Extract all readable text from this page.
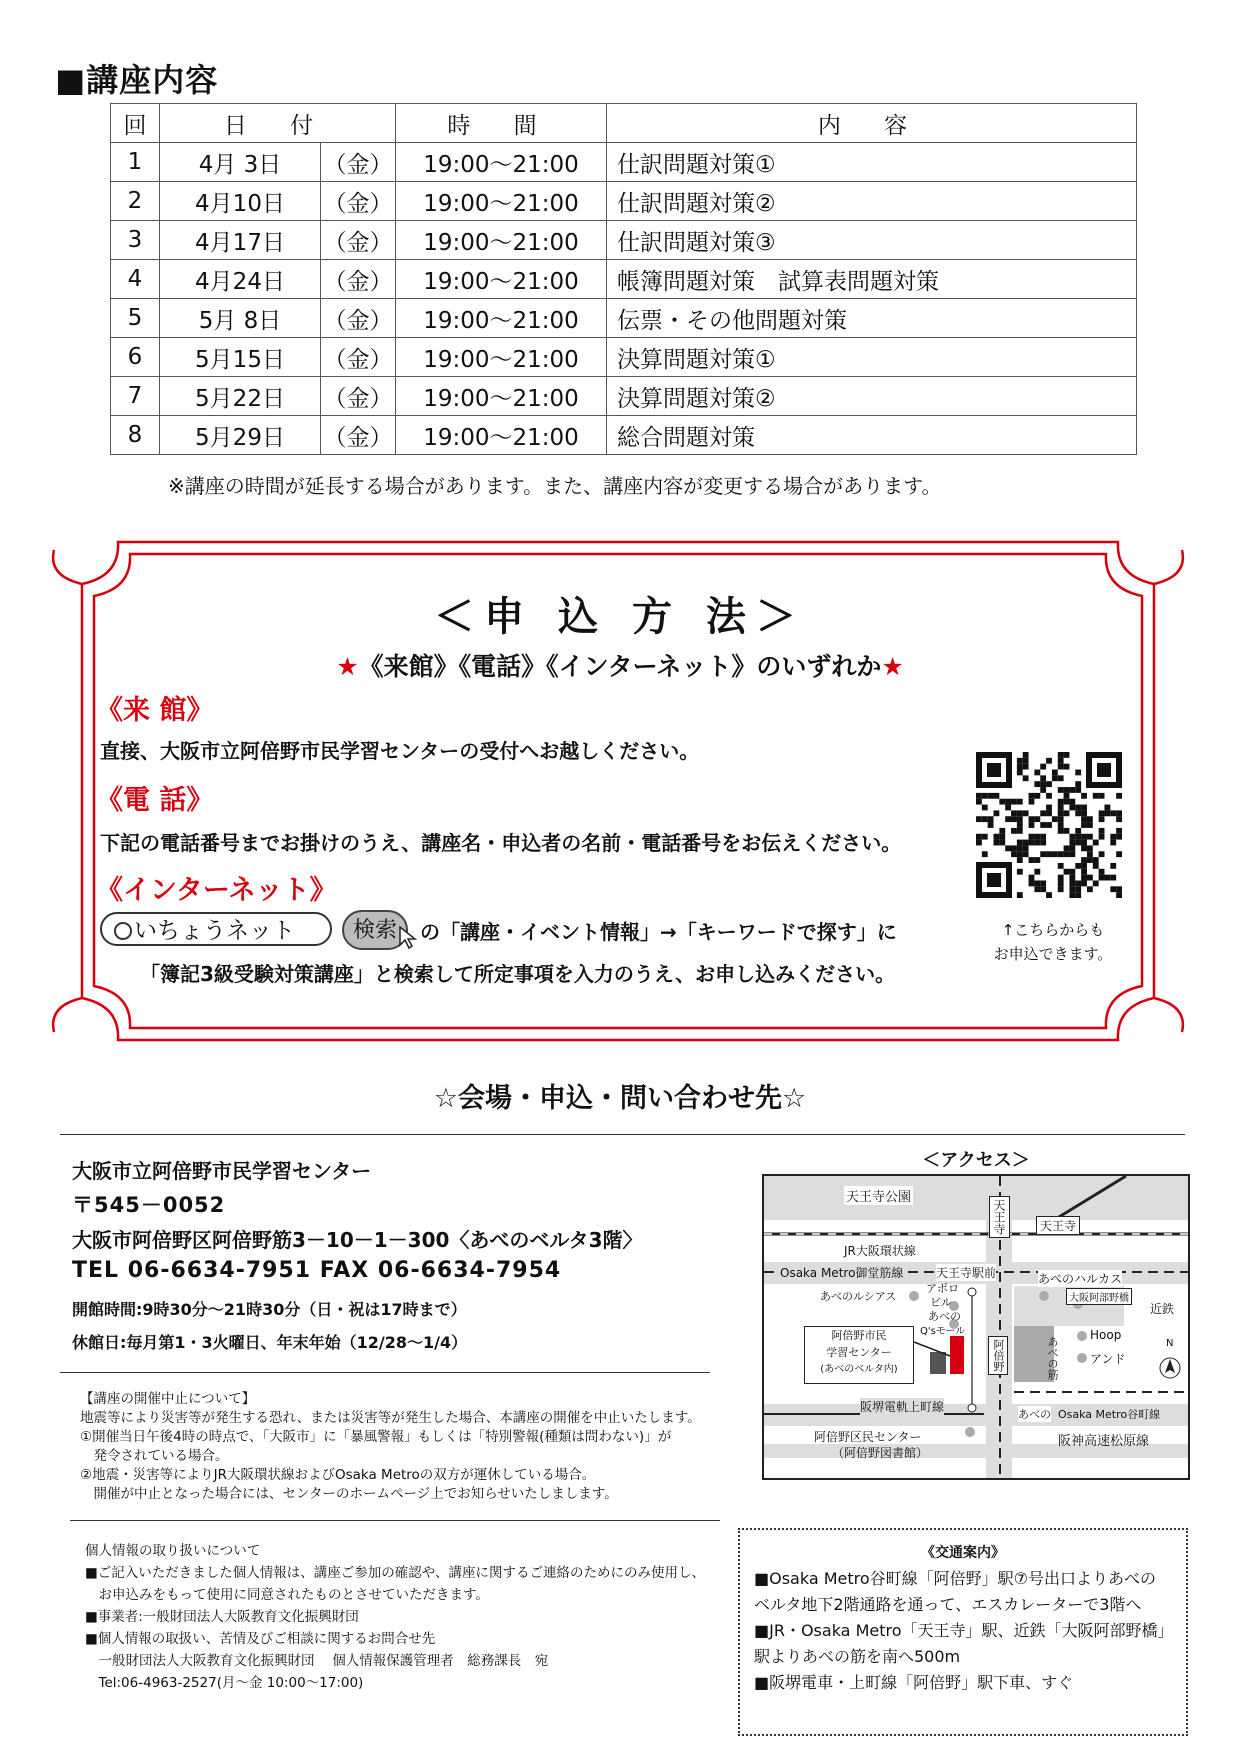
■講座内容
回	日 付		時 間	内 容
1	4月 3日	（金）	19:00～21:00	仕訳問題対策①
2	4月10日	（金）	19:00～21:00	仕訳問題対策②
3	4月17日	（金）	19:00～21:00	仕訳問題対策③
4	4月24日	（金）	19:00～21:00	帳簿問題対策　試算表問題対策
5	5月 8日	（金）	19:00～21:00	伝票・その他問題対策
6	5月15日	（金）	19:00～21:00	決算問題対策①
7	5月22日	（金）	19:00～21:00	決算問題対策②
8	5月29日	（金）	19:00～21:00	総合問題対策
※講座の時間が延長する場合があります。また、講座内容が変更する場合があります。
＜申 込 方 法＞
★《来館》《電話》《インターネット》のいずれか★
《来 館》
直接、大阪市立阿倍野市民学習センターの受付へお越しください。
《電 話》
下記の電話番号までお掛けのうえ、講座名・申込者の名前・電話番号をお伝えください。
《インターネット》
いちょうネット	検索	の「講座・イベント情報」→「キーワードで探す」に
「簿記3級受験対策講座」と検索して所定事項を入力のうえ、お申し込みください。
↑こちらからも
お申込できます。
☆会場・申込・問い合わせ先☆
大阪市立阿倍野市民学習センター
〒545－0052
大阪市阿倍野区阿倍野筋3－10－1－300〈あべのベルタ3階〉
TEL 06-6634-7951 FAX 06-6634-7954
開館時間:9時30分～21時30分（日・祝は17時まで）
休館日:毎月第1・3火曜日、年末年始（12/28～1/4）
【講座の開催中止について】
地震等により災害等が発生する恐れ、または災害等が発生した場合、本講座の開催を中止いたします。
①開催当日午後4時の時点で、「大阪市」に「暴風警報」もしくは「特別警報(種類は問わない)」が
　発令されている場合。
②地震・災害等によりJR大阪環状線およびOsaka Metroの双方が運休している場合。
　開催が中止となった場合には、センターのホームページ上でお知らせいたしまします。
個人情報の取り扱いについて
■ご記入いただきました個人情報は、講座ご参加の確認や、講座に関するご連絡のためにのみ使用し、
　お申込みをもって使用に同意されたものとさせていただきます。
■事業者:一般財団法人大阪教育文化振興財団
■個人情報の取扱い、苦情及びご相談に関するお問合せ先
　一般財団法人大阪教育文化振興財団　 個人情報保護管理者　総務課長　宛
　Tel:06-4963-2527(月～金 10:00～17:00)
＜アクセス＞
天王寺公園
天王寺	天王寺
JR大阪環状線
Osaka Metro御堂筋線	天王寺駅前
あべのルシアス
アポロ
ビル
あべの
Q'sモール
あべのハルカス
大阪阿部野橋
近鉄
阿倍野市民
学習センター
(あべのベルタ内)
Hoop
アンド
あべの筋
阿倍野	N
阪堺電軌上町線
あべの Osaka Metro谷町線
阿倍野区民センター
（阿倍野図書館）
阪神高速松原線
《交通案内》
■Osaka Metro谷町線「阿倍野」駅⑦号出口よりあべの
ベルタ地下2階通路を通って、エスカレーターで3階へ
■JR・Osaka Metro「天王寺」駅、近鉄「大阪阿部野橋」
駅よりあべの筋を南へ500m
■阪堺電車・上町線「阿倍野」駅下車、すぐ
